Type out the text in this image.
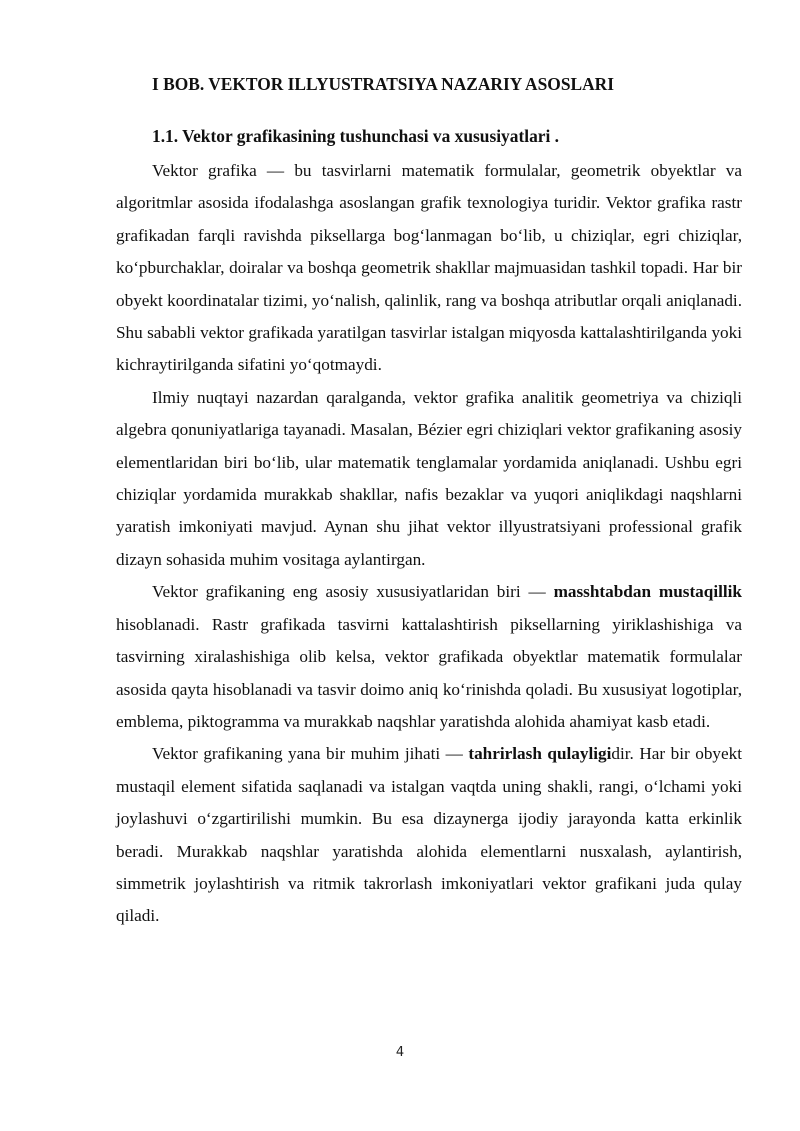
I BOB. VEKTOR ILLYUSTRATSIYA NAZARIY ASOSLARI
1.1. Vektor grafikasining tushunchasi va xususiyatlari .

Vektor grafika — bu tasvirlarni matematik formulalar, geometrik obyektlar va algoritmlar asosida ifodalashga asoslangan grafik texnologiya turidir. Vektor grafika rastr grafikadan farqli ravishda piksellarga bog‘lanmagan bo‘lib, u chiziqlar, egri chiziqlar, ko‘pburchaklar, doiralar va boshqa geometrik shakllar majmuasidan tashkil topadi. Har bir obyekt koordinatalar tizimi, yo‘nalish, qalinlik, rang va boshqa atributlar orqali aniqlanadi. Shu sababli vektor grafikada yaratilgan tasvirlar istalgan miqyosda kattalashtirilganda yoki kichraytirilganda sifatini yo‘qotmaydi.

Ilmiy nuqtayi nazardan qaralganda, vektor grafika analitik geometriya va chiziqli algebra qonuniyatlariga tayanadi. Masalan, Bézier egri chiziqlari vektor grafikaning asosiy elementlaridan biri bo‘lib, ular matematik tenglamalar yordamida aniqlanadi. Ushbu egri chiziqlar yordamida murakkab shakllar, nafis bezaklar va yuqori aniqlikdagi naqshlarni yaratish imkoniyati mavjud. Aynan shu jihat vektor illyustratsiyani professional grafik dizayn sohasida muhim vositaga aylantirgan.

Vektor grafikaning eng asosiy xususiyatlaridan biri — masshtabdan mustaqillik hisoblanadi. Rastr grafikada tasvirni kattalashtirish piksellarning yiriklashishiga va tasvirning xiralashishiga olib kelsa, vektor grafikada obyektlar matematik formulalar asosida qayta hisoblanadi va tasvir doimo aniq ko‘rinishda qoladi. Bu xususiyat logotiplar, emblema, piktogramma va murakkab naqshlar yaratishda alohida ahamiyat kasb etadi.

Vektor grafikaning yana bir muhim jihati — tahrirlash qulayligidir. Har bir obyekt mustaqil element sifatida saqlanadi va istalgan vaqtda uning shakli, rangi, o‘lchami yoki joylashuvi o‘zgartirilishi mumkin. Bu esa dizaynerga ijodiy jarayonda katta erkinlik beradi. Murakkab naqshlar yaratishda alohida elementlarni nusxalash, aylantirish, simmetrik joylashtirish va ritmik takrorlash imkoniyatlari vektor grafikani juda qulay qiladi.

4
